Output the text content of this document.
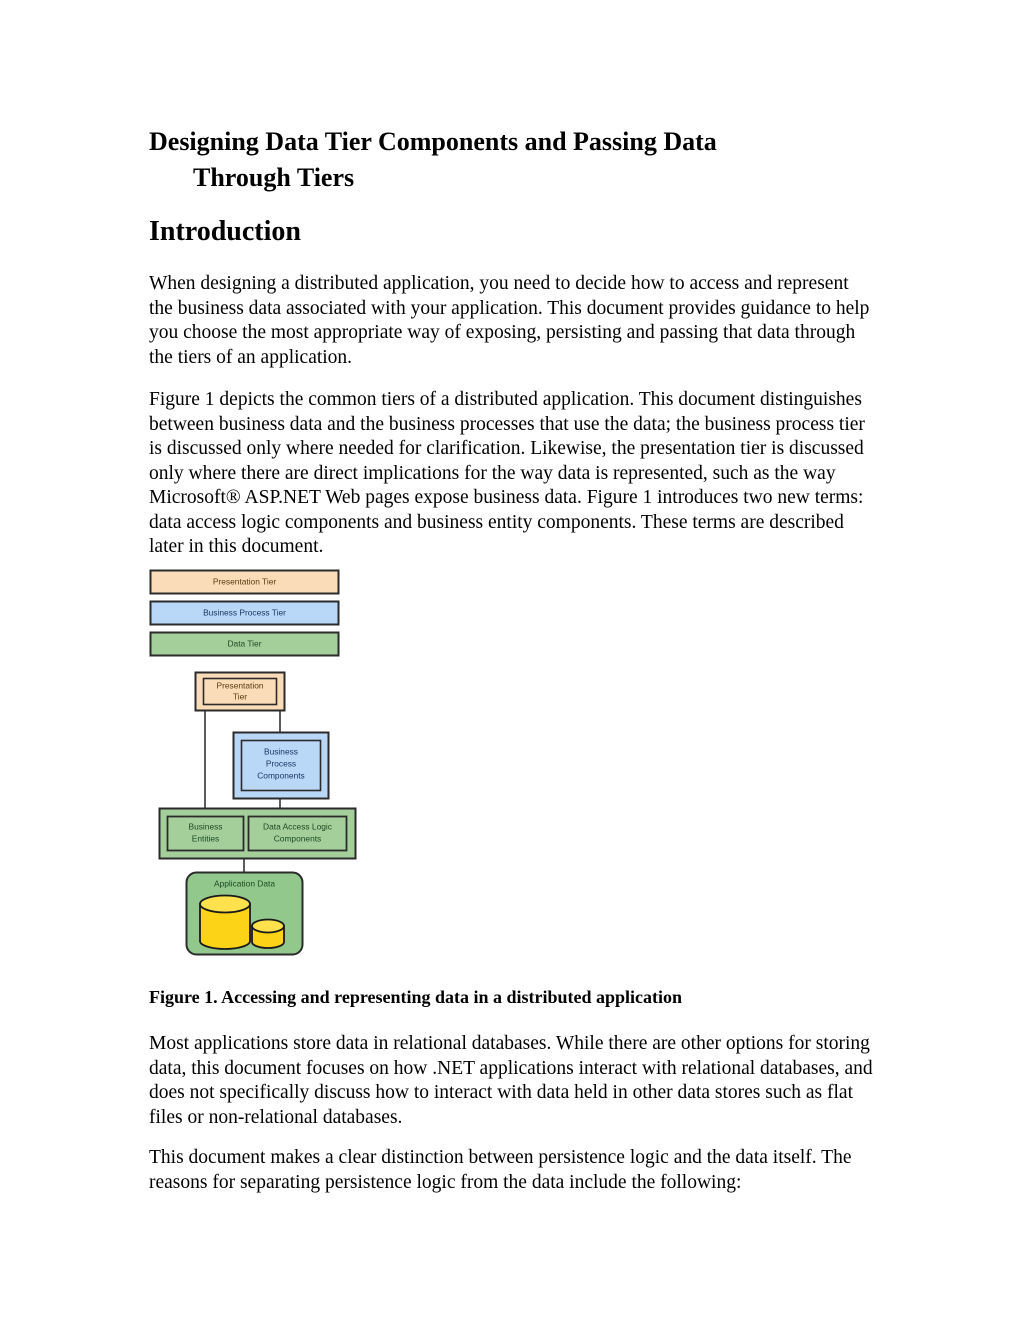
Designing Data Tier Components and Passing Data
Through Tiers
Introduction

When designing a distributed application, you need to decide how to access and represent the business data associated with your application. This document provides guidance to help you choose the most appropriate way of exposing, persisting and passing that data through the tiers of an application.

Figure 1 depicts the common tiers of a distributed application. This document distinguishes between business data and the business processes that use the data; the business process tier is discussed only where needed for clarification. Likewise, the presentation tier is discussed only where there are direct implications for the way data is represented, such as the way Microsoft® ASP.NET Web pages expose business data. Figure 1 introduces two new terms: data access logic components and business entity components. These terms are described later in this document.

Figure 1. Accessing and representing data in a distributed application

Most applications store data in relational databases. While there are other options for storing data, this document focuses on how .NET applications interact with relational databases, and does not specifically discuss how to interact with data held in other data stores such as flat files or non-relational databases.

This document makes a clear distinction between persistence logic and the data itself. The reasons for separating persistence logic from the data include the following:

Presentation Tier
Business Process Tier
Data Tier
Presentation
Tier
Business
Process
Components
Business
Entities
Data Access Logic
Components
Application Data
